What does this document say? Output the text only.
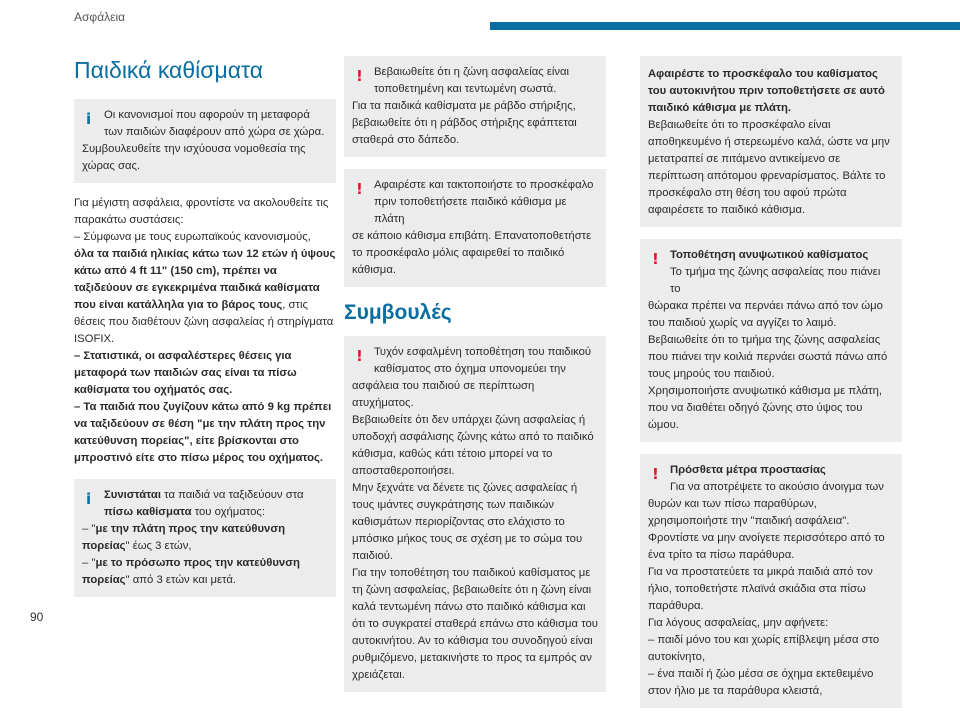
Ασφάλεια
Παιδικά καθίσματα
i	Οι κανονισμοί που αφορούν τη μεταφορά των παιδιών διαφέρουν από χώρα σε χώρα.

Συμβουλευθείτε την ισχύουσα νομοθεσία της χώρας σας.

Για μέγιστη ασφάλεια, φροντίστε να ακολουθείτε τις παρακάτω συστάσεις:

– Σύμφωνα με τους ευρωπαϊκούς κανονισμούς,
όλα τα παιδιά ηλικίας κάτω των 12 ετών ή ύψους κάτω από 4 ft 11" (150 cm), πρέπει να ταξιδεύουν σε εγκεκριμένα παιδικά καθίσματα που είναι κατάλληλα για το βάρος τους, στις θέσεις που διαθέτουν ζώνη ασφαλείας ή στηρίγματα ISOFIX.

– Στατιστικά, οι ασφαλέστερες θέσεις για μεταφορά των παιδιών σας είναι τα πίσω καθίσματα του οχήματός σας.

– Τα παιδιά που ζυγίζουν κάτω από 9 kg πρέπει να ταξιδεύουν σε θέση "με την πλάτη προς την κατεύθυνση πορείας", είτε βρίσκονται στο μπροστινό είτε στο πίσω μέρος του οχήματος.

i	Συνιστάται τα παιδιά να ταξιδεύουν στα πίσω καθίσματα του οχήματος:

– "με την πλάτη προς την κατεύθυνση πορείας" έως 3 ετών,

– "με το πρόσωπο προς την κατεύθυνση πορείας" από 3 ετών και μετά.

! Βεβαιωθείτε ότι η ζώνη ασφαλείας είναι τοποθετημένη και τεντωμένη σωστά.

Για τα παιδικά καθίσματα με ράβδο στήριξης, βεβαιωθείτε ότι η ράβδος στήριξης εφάπτεται σταθερά στο δάπεδο.

! Αφαιρέστε και τακτοποιήστε το προσκέφαλο πριν τοποθετήσετε παιδικό κάθισμα με πλάτη

σε κάποιο κάθισμα επιβάτη. Επανατοποθετήστε το προσκέφαλο μόλις αφαιρεθεί το παιδικό κάθισμα.

Συμβουλές
! Τυχόν εσφαλμένη τοποθέτηση του παιδικού καθίσματος στο όχημα υπονομεύει την

ασφάλεια του παιδιού σε περίπτωση ατυχήματος.

Βεβαιωθείτε ότι δεν υπάρχει ζώνη ασφαλείας ή υποδοχή ασφάλισης ζώνης κάτω από το παιδικό κάθισμα, καθώς κάτι τέτοιο μπορεί να το αποσταθεροποιήσει.

Μην ξεχνάτε να δένετε τις ζώνες ασφαλείας ή τους ιμάντες συγκράτησης των παιδικών καθισμάτων περιορίζοντας στο ελάχιστο το μπόσικο μήκος τους σε σχέση με το σώμα του παιδιού.

Για την τοποθέτηση του παιδικού καθίσματος με τη ζώνη ασφαλείας, βεβαιωθείτε ότι η ζώνη είναι καλά τεντωμένη πάνω στο παιδικό κάθισμα και ότι το συγκρατεί σταθερά επάνω στο κάθισμα του αυτοκινήτου. Αν το κάθισμα του συνοδηγού είναι ρυθμιζόμενο, μετακινήστε το προς τα εμπρός αν χρειάζεται.

Αφαιρέστε το προσκέφαλο του καθίσματος του αυτοκινήτου πριν τοποθετήσετε σε αυτό παιδικό κάθισμα με πλάτη.

Βεβαιωθείτε ότι το προσκέφαλο είναι αποθηκευμένο ή στερεωμένο καλά, ώστε να μην μετατραπεί σε πιτάμενο αντικείμενο σε περίπτωση απότομου φρεναρίσματος. Βάλτε το προσκέφαλο στη θέση του αφού πρώτα αφαιρέσετε το παιδικό κάθισμα.

! Τοποθέτηση ανυψωτικού καθίσματος

Το τμήμα της ζώνης ασφαλείας που πιάνει το

θώρακα πρέπει να περνάει πάνω από τον ώμο του παιδιού χωρίς να αγγίζει το λαιμό.

Βεβαιωθείτε ότι το τμήμα της ζώνης ασφαλείας που πιάνει την κοιλιά περνάει σωστά πάνω από τους μηρούς του παιδιού.

Χρησιμοποιήστε ανυψωτικό κάθισμα με πλάτη, που να διαθέτει οδηγό ζώνης στο ύψος του ώμου.

! Πρόσθετα μέτρα προστασίας

Για να αποτρέψετε το ακούσιο άνοιγμα των

θυρών και των πίσω παραθύρων, χρησιμοποιήστε την "παιδική ασφάλεια".

Φροντίστε να μην ανοίγετε περισσότερο από το ένα τρίτο τα πίσω παράθυρα.

Για να προστατεύετε τα μικρά παιδιά από τον ήλιο, τοποθετήστε πλαϊνά σκιάδια στα πίσω παράθυρα.

Για λόγους ασφαλείας, μην αφήνετε:

– παιδί μόνο του και χωρίς επίβλεψη μέσα στο αυτοκίνητο,

– ένα παιδί ή ζώο μέσα σε όχημα εκτεθειμένο στον ήλιο με τα παράθυρα κλειστά,

90
